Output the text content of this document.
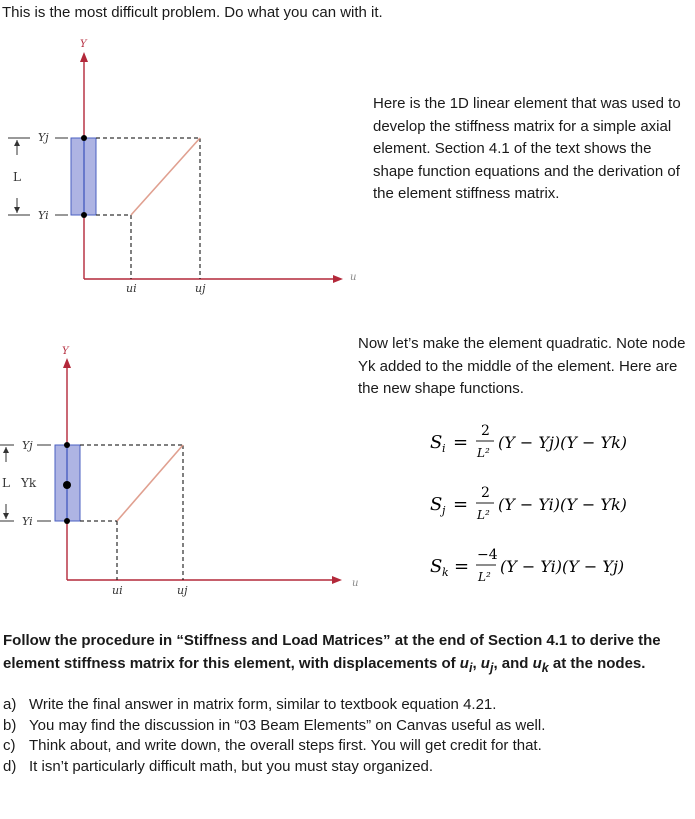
This is the most difficult problem. Do what you can with it.
Y
u
Yj
Yi
L
ui	uj
Here is the 1D linear element that was used to develop the stiffness matrix for a simple axial element. Section 4.1 of the text shows the shape function equations and the derivation of the element stiffness matrix.
Y
u
Yj
Yk
Yi
L
ui	uj
Now let’s make the element quadratic. Note node Yk added to the middle of the element. Here are the new shape functions.
S i =
2
L²
(Y − Yj)(Y − Yk)
S j =
2
L²
(Y − Yi)(Y − Yk)
S k =
−4
L²
(Y − Yi)(Y − Yj)
Follow the procedure in “Stiffness and Load Matrices” at the end of Section 4.1 to derive the element stiffness matrix for this element, with displacements of $u_i$, $u_j$, and $u_k$ at the nodes.
a) Write the final answer in matrix form, similar to textbook equation 4.21.
b) You may find the discussion in “03 Beam Elements” on Canvas useful as well.
c) Think about, and write down, the overall steps first. You will get credit for that.
d) It isn’t particularly difficult math, but you must stay organized.
